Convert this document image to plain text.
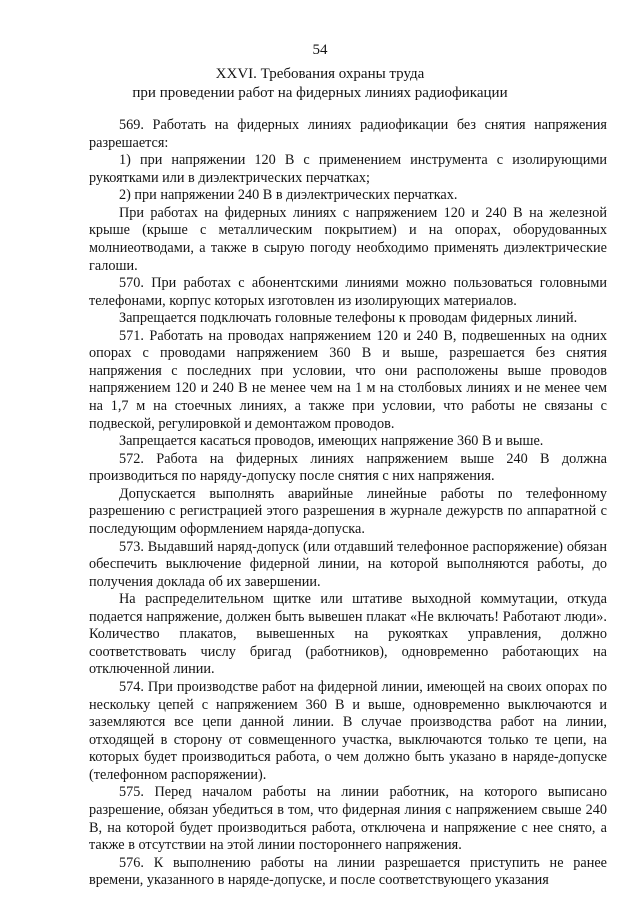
54
XXVI. Требования охраны труда
при проведении работ на фидерных линиях радиофикации

569. Работать на фидерных линиях радиофикации без снятия напряжения разрешается:

1) при напряжении 120 В с применением инструмента с изолирующими рукоятками или в диэлектрических перчатках;

2) при напряжении 240 В в диэлектрических перчатках.

При работах на фидерных линиях с напряжением 120 и 240 В на железной крыше (крыше с металлическим покрытием) и на опорах, оборудованных молниеотводами, а также в сырую погоду необходимо применять диэлектрические галоши.

570. При работах с абонентскими линиями можно пользоваться головными телефонами, корпус которых изготовлен из изолирующих материалов.

Запрещается подключать головные телефоны к проводам фидерных линий.

571. Работать на проводах напряжением 120 и 240 В, подвешенных на одних опорах с проводами напряжением 360 В и выше, разрешается без снятия напряжения с последних при условии, что они расположены выше проводов напряжением 120 и 240 В не менее чем на 1 м на столбовых линиях и не менее чем на 1,7 м на стоечных линиях, а также при условии, что работы не связаны с подвеской, регулировкой и демонтажом проводов.

Запрещается касаться проводов, имеющих напряжение 360 В и выше.

572. Работа на фидерных линиях напряжением выше 240 В должна производиться по наряду-допуску после снятия с них напряжения.

Допускается выполнять аварийные линейные работы по телефонному разрешению с регистрацией этого разрешения в журнале дежурств по аппаратной с последующим оформлением наряда-допуска.

573. Выдавший наряд-допуск (или отдавший телефонное распоряжение) обязан обеспечить выключение фидерной линии, на которой выполняются работы, до получения доклада об их завершении.

На распределительном щитке или штативе выходной коммутации, откуда подается напряжение, должен быть вывешен плакат «Не включать! Работают люди». Количество плакатов, вывешенных на рукоятках управления, должно соответствовать числу бригад (работников), одновременно работающих на отключенной линии.

574. При производстве работ на фидерной линии, имеющей на своих опорах по нескольку цепей с напряжением 360 В и выше, одновременно выключаются и заземляются все цепи данной линии. В случае производства работ на линии, отходящей в сторону от совмещенного участка, выключаются только те цепи, на которых будет производиться работа, о чем должно быть указано в наряде-допуске (телефонном распоряжении).

575. Перед началом работы на линии работник, на которого выписано разрешение, обязан убедиться в том, что фидерная линия с напряжением свыше 240 В, на которой будет производиться работа, отключена и напряжение с нее снято, а также в отсутствии на этой линии постороннего напряжения.

576. К выполнению работы на линии разрешается приступить не ранее времени, указанного в наряде-допуске, и после соответствующего указания
